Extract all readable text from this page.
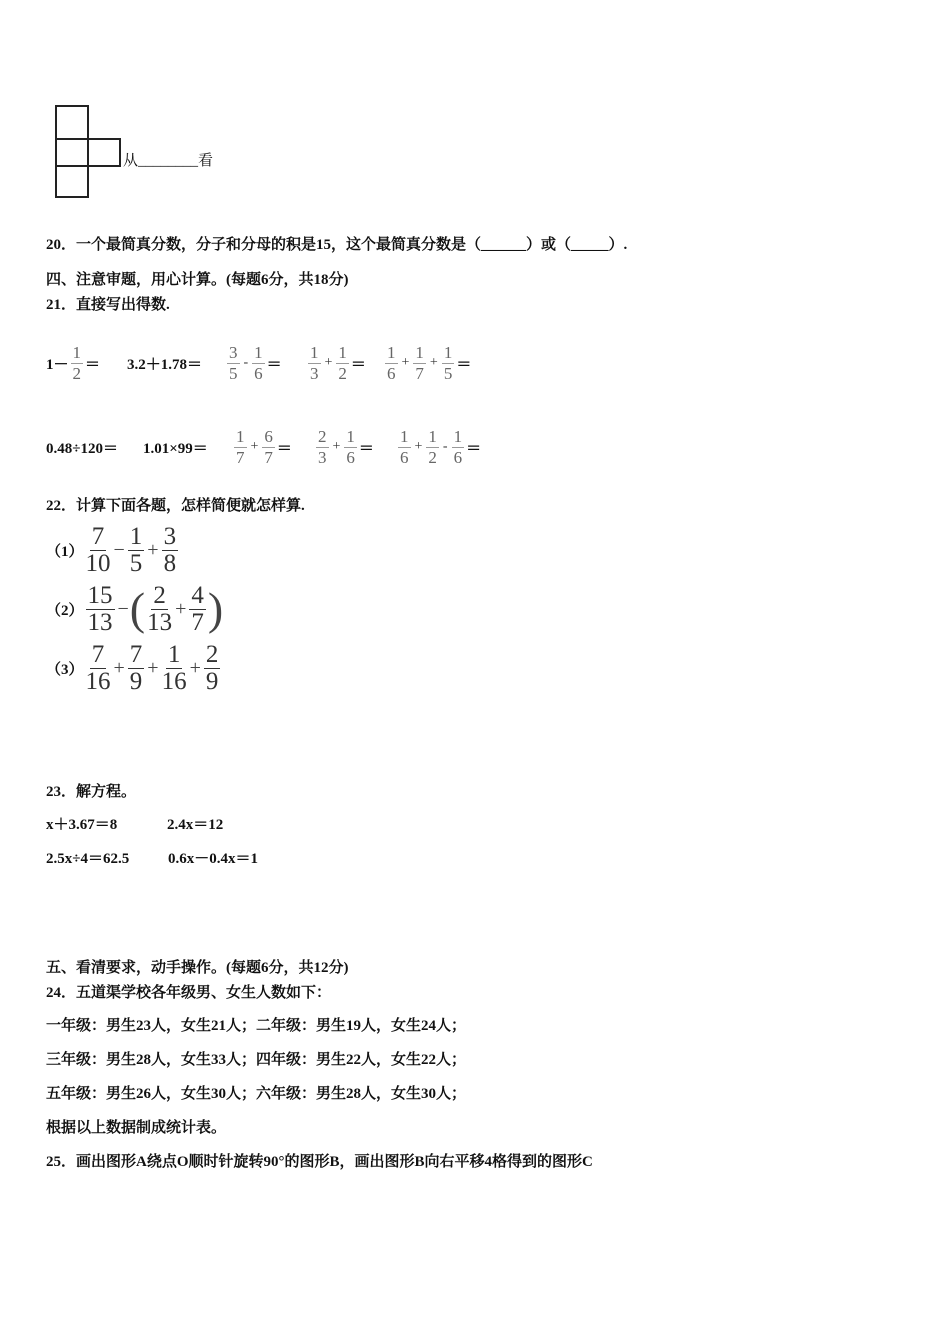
从________看
20．一个最简真分数，分子和分母的积是15，这个最简真分数是（______）或（_____）.
四、注意审题，用心计算。(每题6分，共18分)
21．直接写出得数.
$1- \frac{1}{2} = 3.2+1.78= \frac{3}{5} - \frac{1}{6} = \frac{1}{3} + \frac{1}{2} = \frac{1}{6} + \frac{1}{7} + \frac{1}{5}$ ＝
$0.48\div 120= 1.01\times 99= \frac{1}{7} + \frac{6}{7} = \frac{2}{3} + \frac{1}{6} = \frac{1}{6} + \frac{1}{2} - \frac{1}{6}$ ＝
22．计算下面各题，怎样简便就怎样算.
$(1) \frac{7}{10} - \frac{1}{5} + \frac{3}{8}$
$(2) \frac{15}{13}$ − ( $\frac{2}{13} + \frac{4}{7}$ )
$(3) \frac{7}{16} + \frac{7}{9} + \frac{1}{16} + \frac{2}{9}$
23．解方程。
x＋3.67＝8	2.4x＝12
2.5x÷4＝62.5	0.6x－0.4x＝1
五、看清要求，动手操作。(每题6分，共12分)
24．五道渠学校各年级男、女生人数如下：
一年级：男生23人，女生21人；二年级：男生19人，女生24人；
三年级：男生28人，女生33人；四年级：男生22人，女生22人；
五年级：男生26人，女生30人；六年级：男生28人，女生30人；
根据以上数据制成统计表。
25．画出图形A绕点O顺时针旋转90°的图形B，画出图形B向右平移4格得到的图形C
